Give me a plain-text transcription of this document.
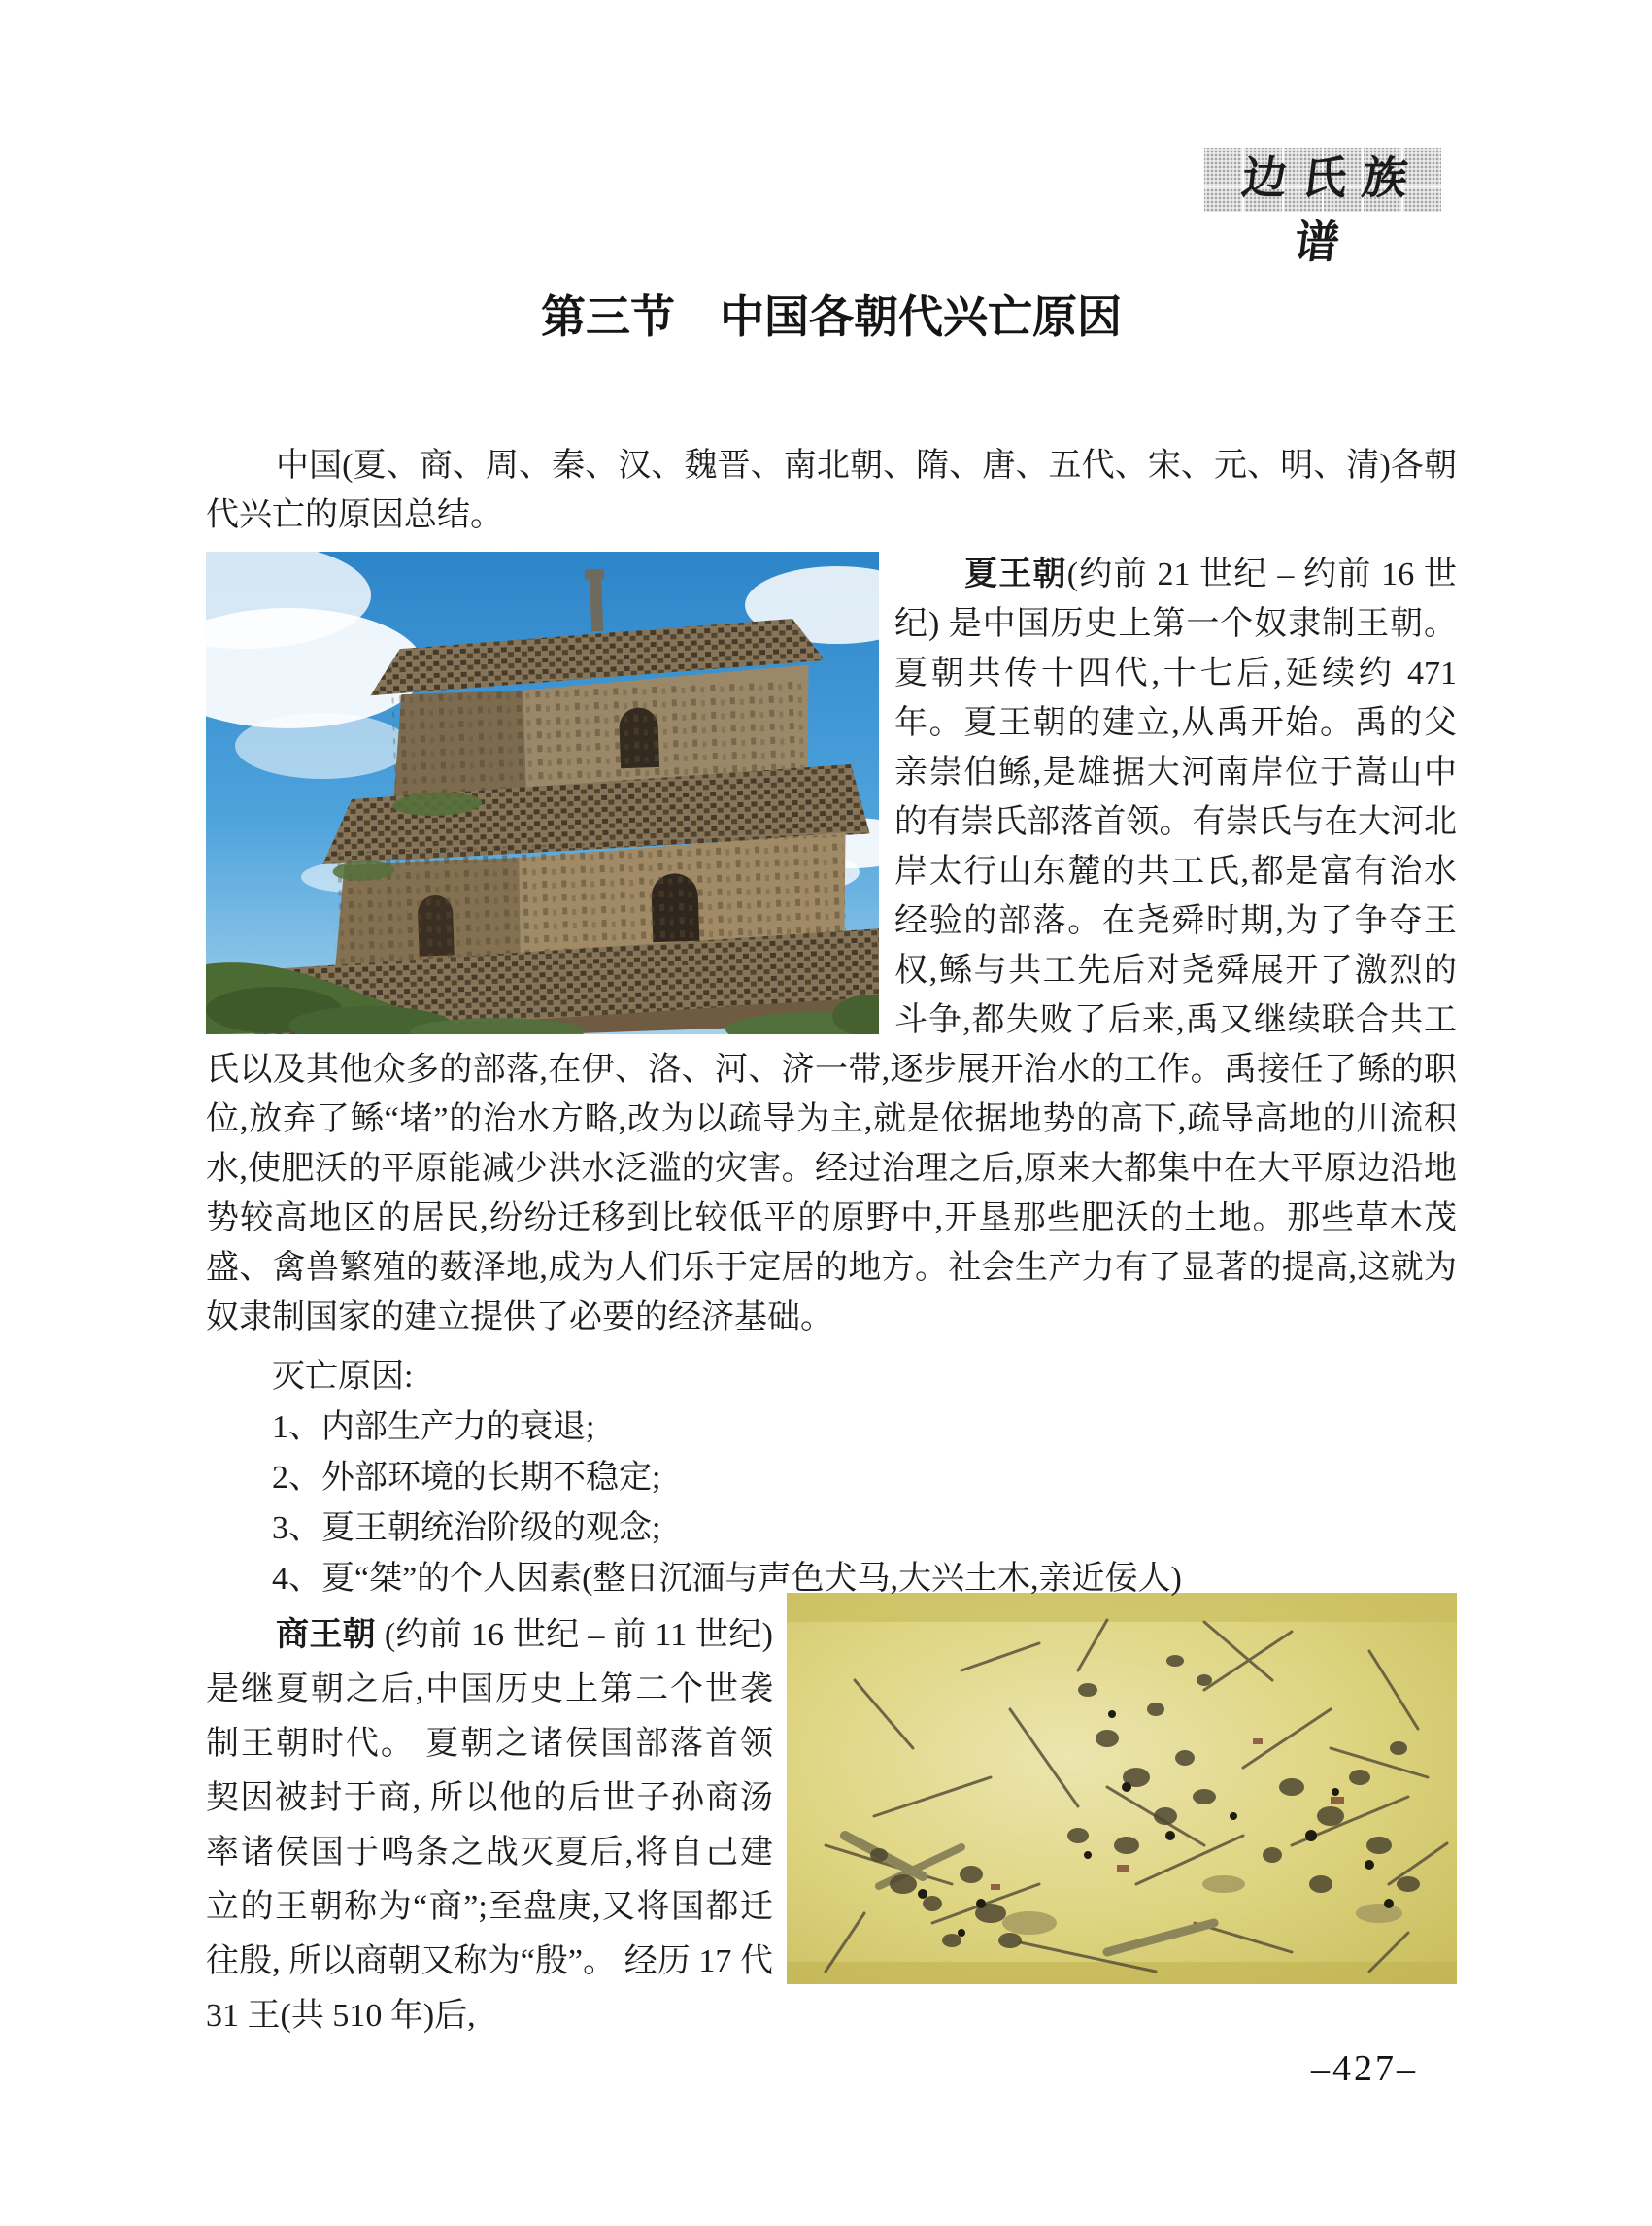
边氏族谱
第三节　中国各朝代兴亡原因

中国(夏、商、周、秦、汉、魏晋、南北朝、隋、唐、五代、宋、元、明、清)各朝代兴亡的原因总结。

夏王朝(约前 21 世纪 – 约前 16 世纪) 是中国历史上第一个奴隶制王朝。夏朝共传十四代,十七后,延续约 471 年。夏王朝的建立,从禹开始。禹的父亲崇伯鲧,是雄据大河南岸位于嵩山中的有崇氏部落首领。有崇氏与在大河北岸太行山东麓的共工氏,都是富有治水经验的部落。在尧舜时期,为了争夺王权,鲧与共工先后对尧舜展开了激烈的斗争,都失败了后来,禹又继续联合共工氏以及其他众多的部落,在伊、洛、河、济一带,逐步展开治水的工作。禹接任了鲧的职位,放弃了鲧“堵”的治水方略,改为以疏导为主,就是依据地势的高下,疏导高地的川流积水,使肥沃的平原能减少洪水泛滥的灾害。经过治理之后,原来大都集中在大平原边沿地势较高地区的居民,纷纷迁移到比较低平的原野中,开垦那些肥沃的土地。那些草木茂盛、禽兽繁殖的薮泽地,成为人们乐于定居的地方。社会生产力有了显著的提高,这就为奴隶制国家的建立提供了必要的经济基础。

灭亡原因:

1、内部生产力的衰退;

2、外部环境的长期不稳定;

3、夏王朝统治阶级的观念;

4、夏“桀”的个人因素(整日沉湎与声色犬马,大兴土木,亲近佞人)

商王朝 (约前 16 世纪 – 前 11 世纪)是继夏朝之后,中国历史上第二个世袭制王朝时代。 夏朝之诸侯国部落首领契因被封于商, 所以他的后世子孙商汤率诸侯国于鸣条之战灭夏后,将自己建立的王朝称为“商”;至盘庚,又将国都迁往殷, 所以商朝又称为“殷”。 经历 17 代 31 王(共 510 年)后,

–427–
